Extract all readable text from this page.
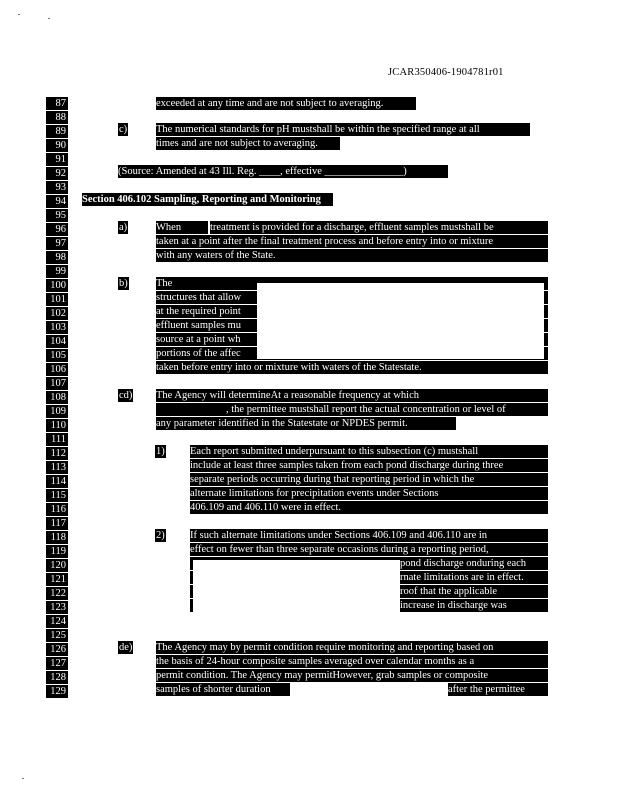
JCAR350406-1904781r01
87
88
89
90
91
92
93
94
95
96
97
98
99
100
101
102
103
104
105
106
107
108
109
110
111
112
113
114
115
116
117
118
119
120
121
122
123
124
125
126
127
128
129
exceeded at any time and are not subject to averaging.
c)	The numerical standards for pH mustshall be within the specified range at all
times and are not subject to averaging.
(Source: Amended at 43 Ill. Reg. ____, effective _______________)
Section 406.102 Sampling, Reporting and Monitoring
a)	When	treatment is provided for a discharge, effluent samples mustshall be
taken at a point after the final treatment process and before entry into or mixture
with any waters of the State.
b)	The
structures that allow
at the required point
effluent samples mu
source at a point wh
portions of the affec
taken before entry into or mixture with waters of the Statestate.
cd) The Agency will determineAt a reasonable frequency at which
, the permittee mustshall report the actual concentration or level of
any parameter identified in the Statestate or NPDES permit.
1) Each report submitted underpursuant to this subsection (c) mustshall
include at least three samples taken from each pond discharge during three
separate periods occurring during that reporting period in which the
alternate limitations for precipitation events under Sections
406.109 and 406.110 were in effect.
2) If such alternate limitations under Sections 406.109 and 406.110 are in
effect on fewer than three separate occasions during a reporting period,
pond discharge onduring each
rnate limitations are in effect.
roof that the applicable
increase in discharge was
de) The Agency may by permit condition require monitoring and reporting based on
the basis of 24-hour composite samples averaged over calendar months as a
permit condition. The Agency may permitHowever, grab samples or composite
samples of shorter duration	after the permittee
